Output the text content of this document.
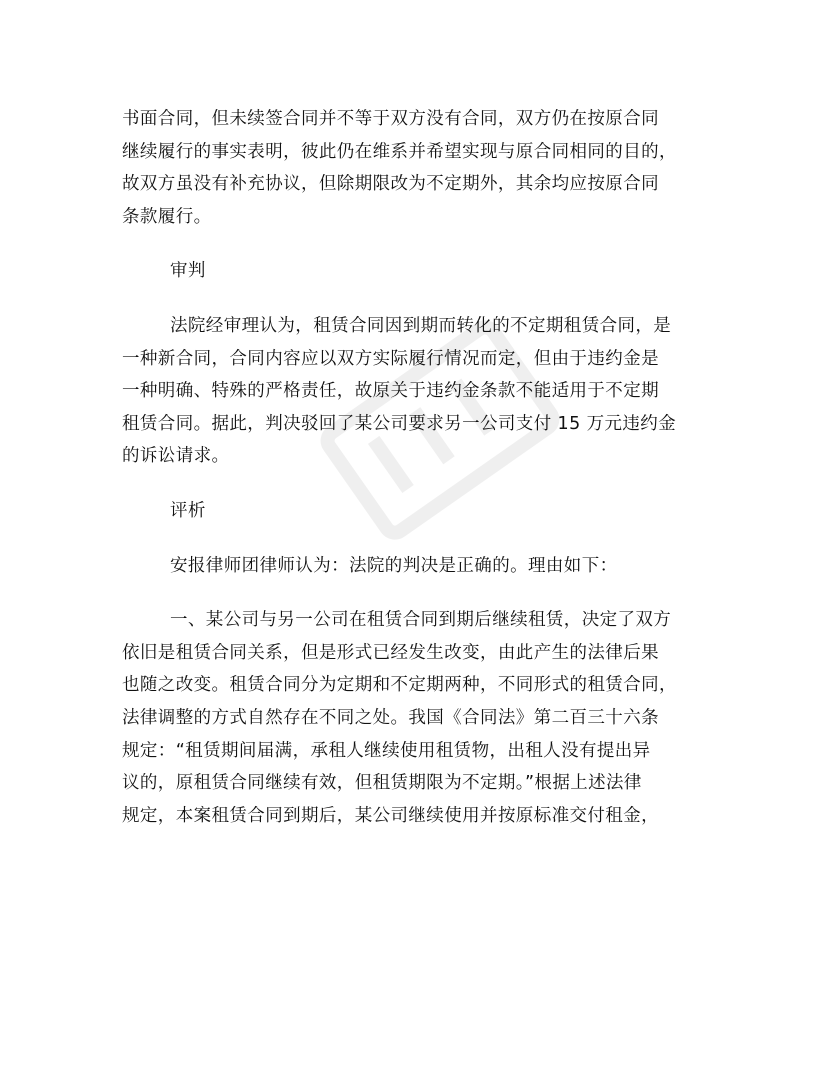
书面合同，但未续签合同并不等于双方没有合同，双方仍在按原合同
继续履行的事实表明，彼此仍在维系并希望实现与原合同相同的目的，
故双方虽没有补充协议，但除期限改为不定期外，其余均应按原合同
条款履行。
审判
法院经审理认为，租赁合同因到期而转化的不定期租赁合同，是
一种新合同，合同内容应以双方实际履行情况而定，但由于违约金是
一种明确、特殊的严格责任，故原关于违约金条款不能适用于不定期
租赁合同。据此，判决驳回了某公司要求另一公司支付 15 万元违约金
的诉讼请求。
评析
安报律师团律师认为：法院的判决是正确的。理由如下：
一、某公司与另一公司在租赁合同到期后继续租赁，决定了双方
依旧是租赁合同关系，但是形式已经发生改变，由此产生的法律后果
也随之改变。租赁合同分为定期和不定期两种，不同形式的租赁合同，
法律调整的方式自然存在不同之处。我国《合同法》第二百三十六条
规定：“租赁期间届满，承租人继续使用租赁物，出租人没有提出异
议的，原租赁合同继续有效，但租赁期限为不定期。”根据上述法律
规定，本案租赁合同到期后，某公司继续使用并按原标准交付租金，
